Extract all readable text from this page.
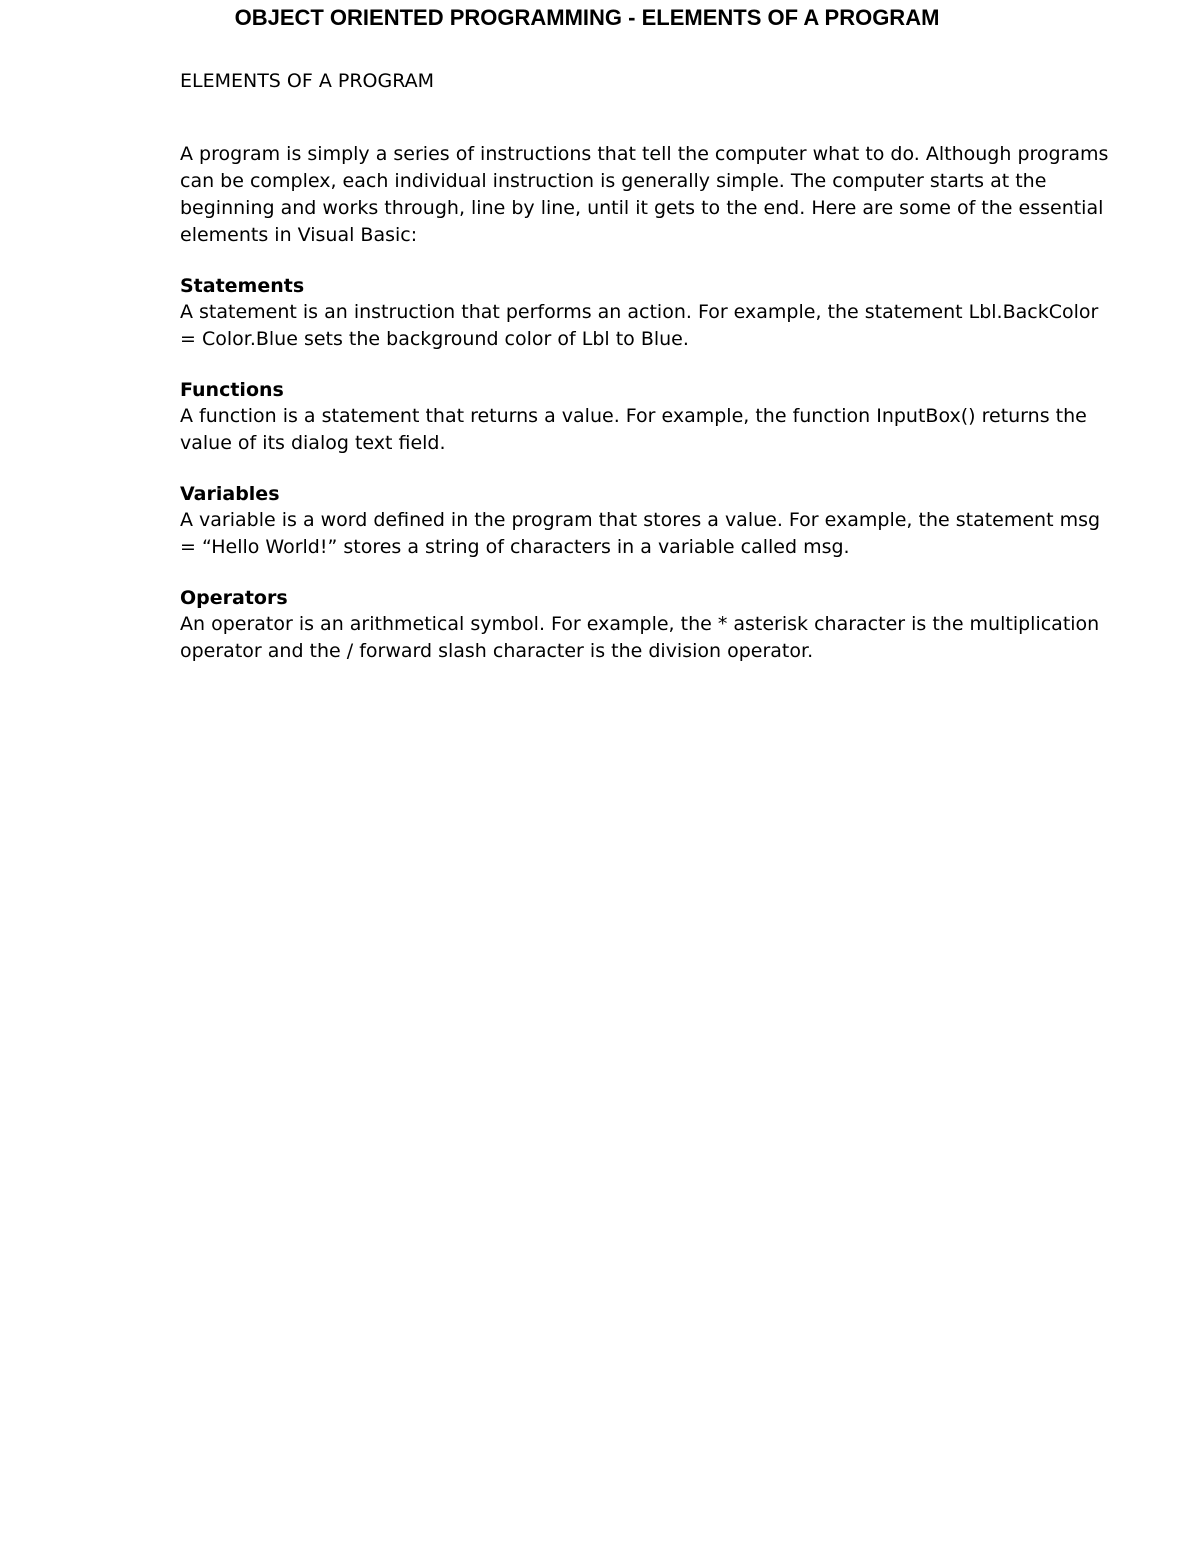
OBJECT ORIENTED PROGRAMMING - ELEMENTS OF A PROGRAM
ELEMENTS OF A PROGRAM

A program is simply a series of instructions that tell the computer what to do. Although programs can be complex, each individual instruction is generally simple. The computer starts at the beginning and works through, line by line, until it gets to the end. Here are some of the essential elements in Visual Basic:

Statements

A statement is an instruction that performs an action. For example, the statement Lbl.BackColor = Color.Blue sets the background color of Lbl to Blue.

Functions

A function is a statement that returns a value. For example, the function InputBox() returns the value of its dialog text field.

Variables

A variable is a word defined in the program that stores a value. For example, the statement msg = “Hello World!” stores a string of characters in a variable called msg.

Operators

An operator is an arithmetical symbol. For example, the * asterisk character is the multiplication operator and the / forward slash character is the division operator.
